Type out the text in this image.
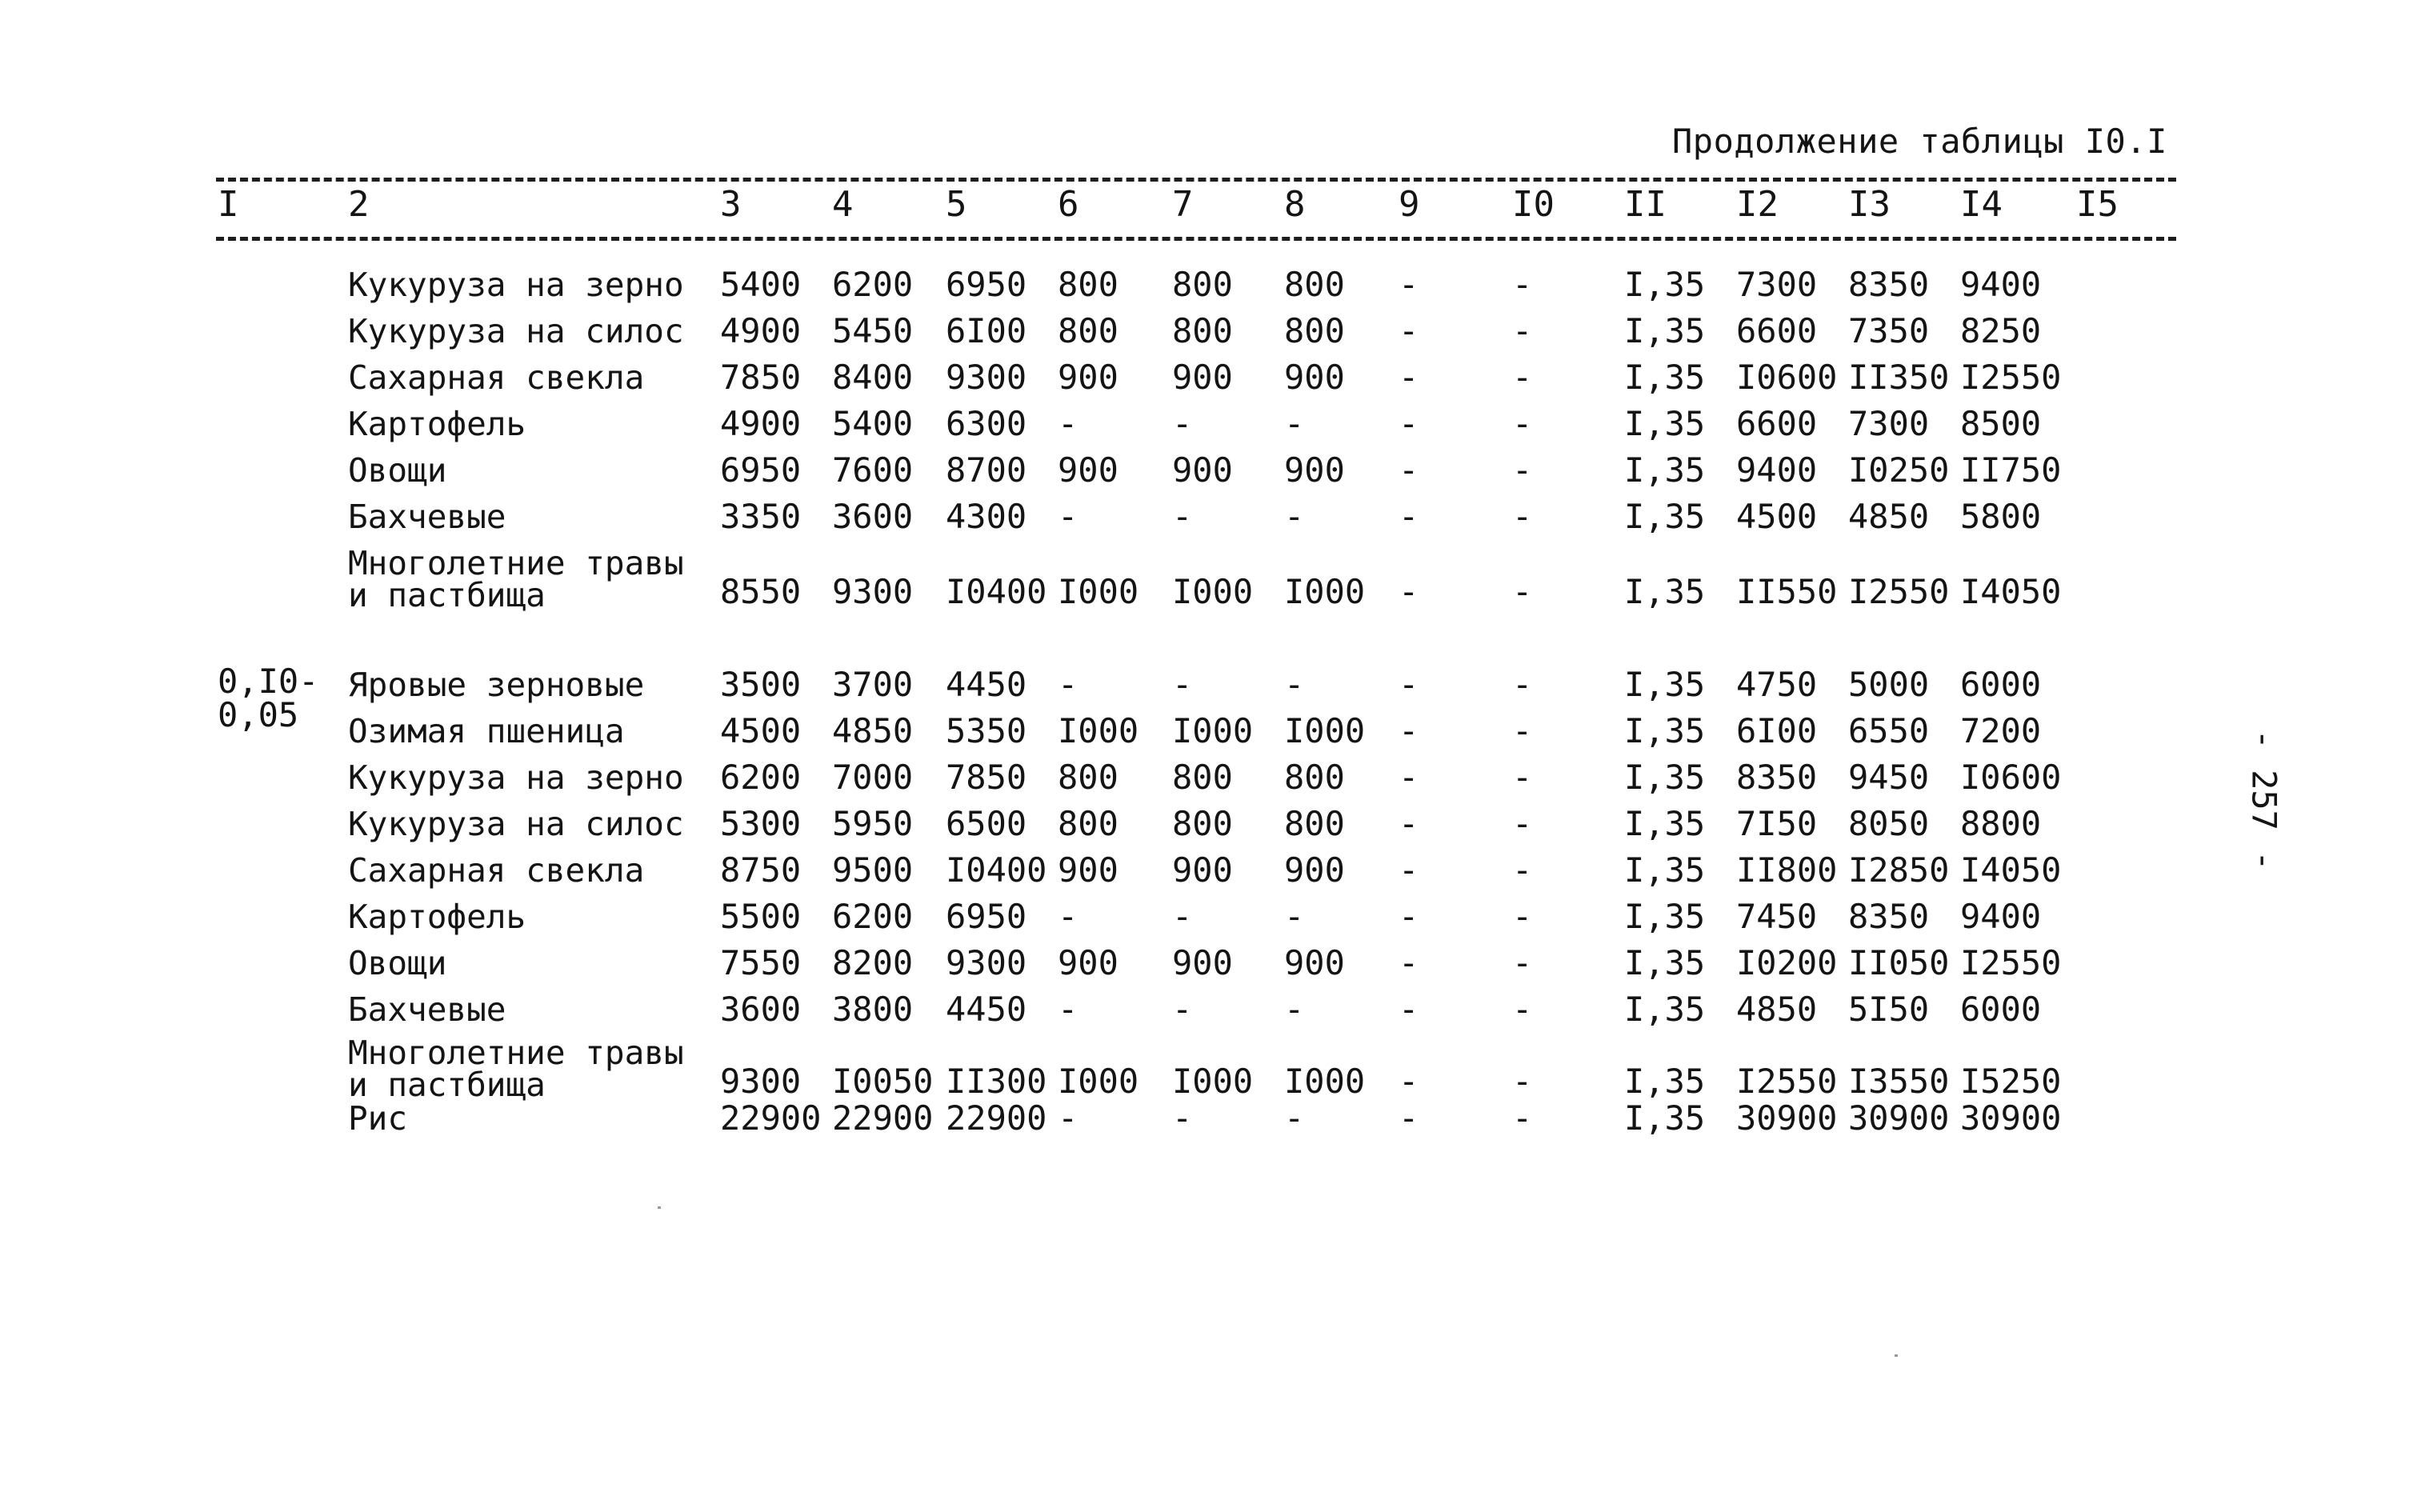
Продолжение таблицы I0.I
I	2	3	4	5	6	7	8	9	I0 II I2 I3 I4 I5
Кукуруза на зерно 5400 6200 6950 800 800 800 -	-	I,35 7300 8350 9400
Кукуруза на силос 4900 5450 6I00 800 800 800 -	-	I,35 6600 7350 8250
Сахарная свекла 7850 8400 9300 900 900 900 -	-	I,35 I0600 II350 I2550
Картофель	4900 5400 6300 -	-	-	-	-	I,35 6600 7300 8500
Овощи	6950 7600 8700 900 900 900 -	-	I,35 9400 I0250 II750
Бахчевые	3350 3600 4300 -	-	-	-	-	I,35 4500 4850 5800
Многолетние травы
и пастбища	8550 9300 I0400 I000 I000 I000 -	-	I,35 II550 I2550 I4050
0,I0-
0,05
Яровые зерновые 3500 3700 4450 -	-	-	-	-	I,35 4750 5000 6000
Озимая пшеница	4500 4850 5350 I000 I000 I000 -	-	I,35 6I00 6550 7200
Кукуруза на зерно 6200 7000 7850 800 800 800 -	-	I,35 8350 9450 I0600
Кукуруза на силос 5300 5950 6500 800 800 800 -	-	I,35 7I50 8050 8800
Сахарная свекла 8750 9500 I0400 900 900 900 -	-	I,35 II800 I2850 I4050
Картофель	5500 6200 6950 -	-	-	-	-	I,35 7450 8350 9400
Овощи	7550 8200 9300 900 900 900 -	-	I,35 I0200 II050 I2550
Бахчевые	3600 3800 4450 -	-	-	-	-	I,35 4850 5I50 6000
Многолетние травы
и пастбища	9300 I0050 II300 I000 I000 I000 -	-	I,35 I2550 I3550 I5250
Рис	22900 22900 22900 -	-	-	-	-	I,35 30900 30900 30900
- 257 -
